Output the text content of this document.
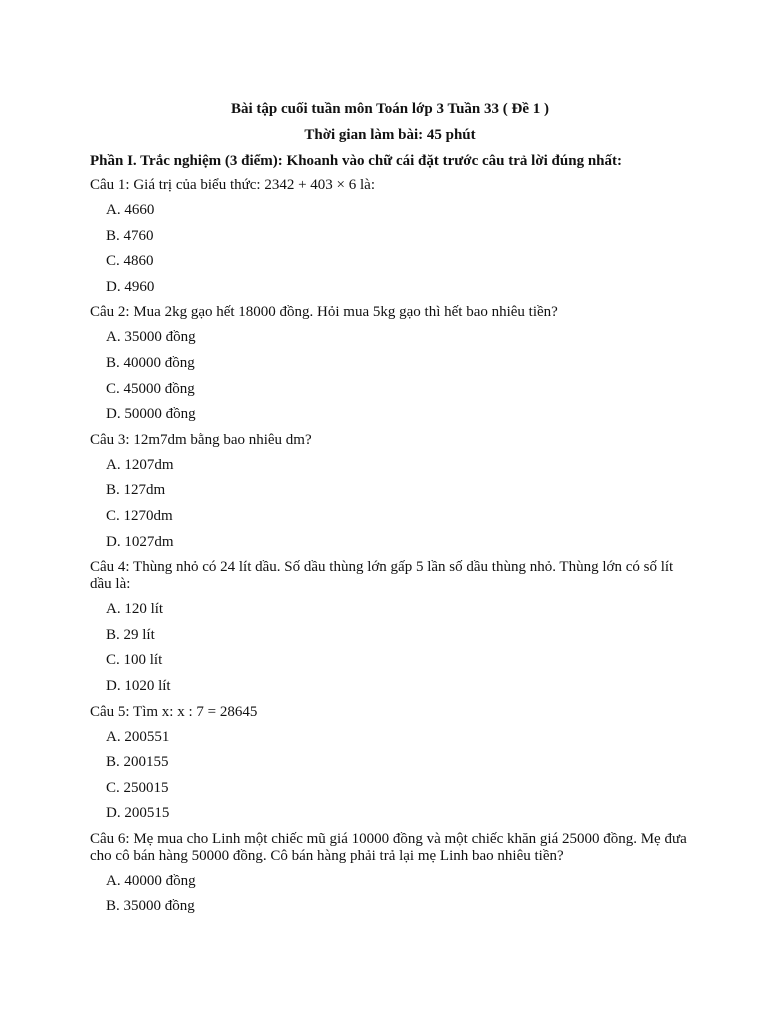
Bài tập cuối tuần môn Toán lớp 3 Tuần 33 ( Đề 1 )
Thời gian làm bài: 45 phút
Phần I. Trắc nghiệm (3 điểm): Khoanh vào chữ cái đặt trước câu trả lời đúng nhất:
Câu 1: Giá trị của biểu thức: 2342 + 403 × 6 là:
A. 4660
B. 4760
C. 4860
D. 4960
Câu 2: Mua 2kg gạo hết 18000 đồng. Hỏi mua 5kg gạo thì hết bao nhiêu tiền?
A. 35000 đồng
B. 40000 đồng
C. 45000 đồng
D. 50000 đồng
Câu 3: 12m7dm bằng bao nhiêu dm?
A. 1207dm
B. 127dm
C. 1270dm
D. 1027dm
Câu 4: Thùng nhỏ có 24 lít dầu. Số dầu thùng lớn gấp 5 lần số dầu thùng nhỏ. Thùng lớn có số lít dầu là:
A. 120 lít
B. 29 lít
C. 100 lít
D. 1020 lít
Câu 5: Tìm x: x : 7 = 28645
A. 200551
B. 200155
C. 250015
D. 200515
Câu 6: Mẹ mua cho Linh một chiếc mũ giá 10000 đồng và một chiếc khăn giá 25000 đồng. Mẹ đưa cho cô bán hàng 50000 đồng. Cô bán hàng phải trả lại mẹ Linh bao nhiêu tiền?
A. 40000 đồng
B. 35000 đồng
